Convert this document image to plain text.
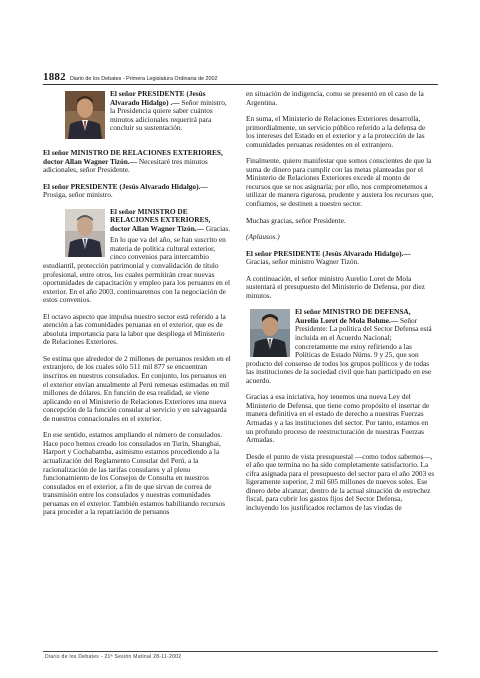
1882 Diario de los Debates - Primera Legislatura Ordinaria de 2002

El señor PRESIDENTE (Jesús Alvarado Hidalgo) .— Señor ministro, la Presidencia quiere saber cuántos minutos adicionales requerirá para concluir su sustentación.

El señor MINISTRO DE RELACIONES EXTERIORES, doctor Allan Wagner Tizón.— Necesitaré tres minutos adicionales, señor Presidente.

El señor PRESIDENTE (Jesús Alvarado Hidalgo).— Prosiga, señor ministro.

El señor MINISTRO DE RELACIONES EXTERIORES, doctor Allan Wagner Tizón.— Gracias.

En lo que va del año, se han suscrito en materia de política cultural exterior, cinco convenios para intercambio estudiantil, protección patrimonial y convalidación de título profesional, entre otros, los cuales permitirán crear nuevas oportunidades de capacitación y empleo para los peruanos en el exterior. En el año 2003, continuaremos con la negociación de estos convenios.

El octavo aspecto que impulsa nuestro sector está referido a la atención a las comunidades peruanas en el exterior, que es de absoluta importancia para la labor que despliega el Ministerio de Relaciones Exteriores.

Se estima que alrededor de 2 millones de peruanos residen en el extranjero, de los cuales sólo 511 mil 877 se encuentran inscritos en nuestros consulados. En conjunto, los peruanos en el exterior envían anualmente al Perú remesas estimadas en mil millones de dólares. En función de esa realidad, se viene aplicando en el Ministerio de Relaciones Exteriores una nueva concepción de la función consular al servicio y en salvaguarda de nuestros connacionales en el exterior.

En ese sentido, estamos ampliando el número de consulados. Hace poco hemos creado los consulados en Turín, Shanghai, Harport y Cochabamba, asimismo estamos procediendo a la actualización del Reglamento Consular del Perú, a la racionalización de las tarifas consulares y al pleno funcionamiento de los Consejos de Consulta en nuestros consulados en el exterior, a fin de que sirvan de correa de transmisión entre los consulados y nuestras comunidades peruanas en el exterior. También estamos habilitando recursos para proceder a la repatriación de peruanos

en situación de indigencia, como se presentó en el caso de la Argentina.

En suma, el Ministerio de Relaciones Exteriores desarrolla, primordialmente, un servicio público referido a la defensa de los intereses del Estado en el exterior y a la protección de las comunidades peruanas residentes en el extranjero.

Finalmente, quiero manifestar que somos conscientes de que la suma de dinero para cumplir con las metas planteadas por el Ministerio de Relaciones Exteriores excede al monto de recursos que se nos asignaría; por ello, nos comprometemos a utilizar de manera rigurosa, prudente y austera los recursos que, confiamos, se destinen a nuestro sector.

Muchas gracias, señor Presidente.

(Aplausos.)

El señor PRESIDENTE (Jesús Alvarado Hidalgo).— Gracias, señor ministro Wagner Tizón.

A continuación, el señor ministro Aurelio Loret de Mola sustentará el presupuesto del Ministerio de Defensa, por diez minutos.

El señor MINISTRO DE DEFENSA, Aurelio Loret de Mola Bohme.— Señor Presidente: La política del Sector Defensa está incluida en el Acuerdo Nacional; concretamente me estoy refiriendo a las Políticas de Estado Núms. 9 y 25, que son producto del consenso de todos los grupos políticos y de todas las instituciones de la sociedad civil que han participado en ese acuerdo.

Gracias a esa iniciativa, hoy tenemos una nueva Ley del Ministerio de Defensa, que tiene como propósito el insertar de manera definitiva en el estado de derecho a nuestras Fuerzas Armadas y a las instituciones del sector. Por tanto, estamos en un profundo proceso de reestructuración de nuestras Fuerzas Armadas.

Desde el punto de vista presupuestal —como todos sabemos—, el año que termina no ha sido completamente satisfactorio. La cifra asignada para el presupuesto del sector para el año 2003 es ligeramente superior, 2 mil 605 millones de nuevos soles. Ese dinero debe alcanzar, dentro de la actual situación de estrechez fiscal, para cubrir los gastos fijos del Sector Defensa, incluyendo los justificados reclamos de las viudas de

Diario de los Debates - 21ª Sesión Matinal 28-11-2002
